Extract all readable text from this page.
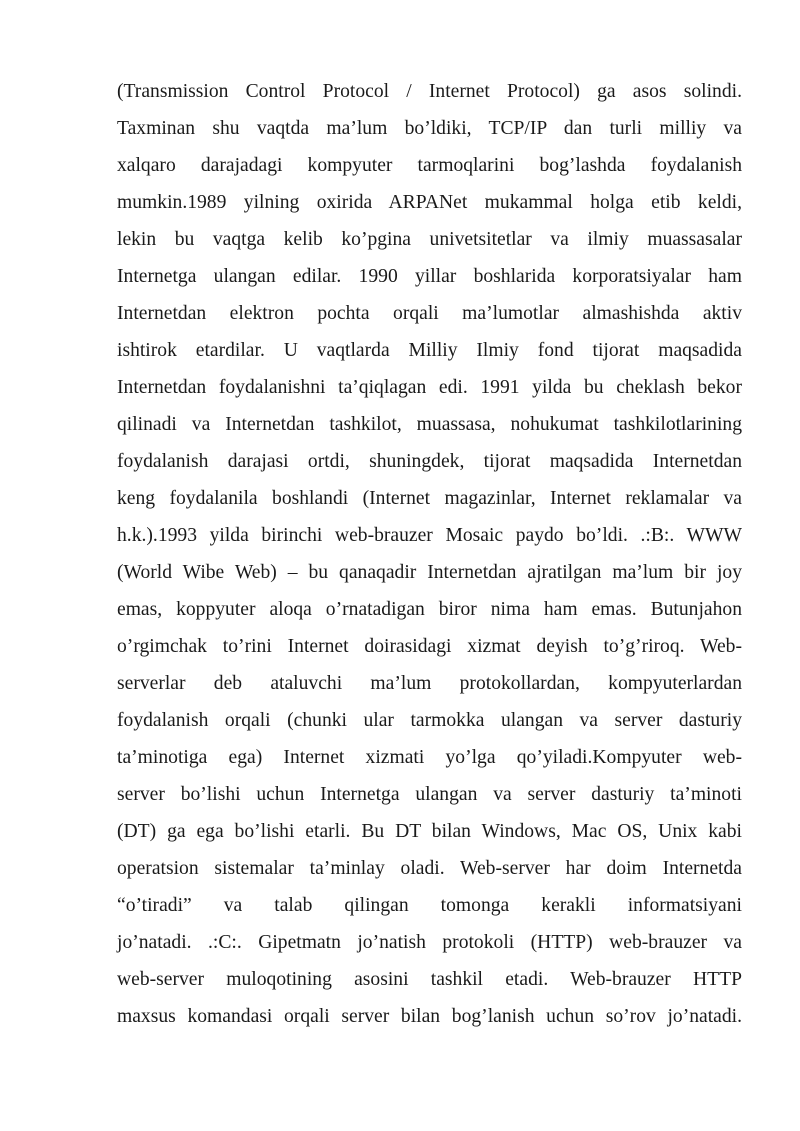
(Transmission Control Protocol / Internet Protocol) ga asos solindi.
Taxminan shu vaqtda ma’lum bo’ldiki, TCP/IP dan turli milliy va
xalqaro darajadagi kompyuter tarmoqlarini bog’lashda foydalanish
mumkin.1989 yilning oxirida ARPANet mukammal holga etib keldi,
lekin bu vaqtga kelib ko’pgina univetsitetlar va ilmiy muassasalar
Internetga ulangan edilar. 1990 yillar boshlarida korporatsiyalar ham
Internetdan elektron pochta orqali ma’lumotlar almashishda aktiv
ishtirok etardilar. U vaqtlarda Milliy Ilmiy fond tijorat maqsadida
Internetdan foydalanishni ta’qiqlagan edi. 1991 yilda bu cheklash bekor
qilinadi va Internetdan tashkilot, muassasa, nohukumat tashkilotlarining
foydalanish darajasi ortdi, shuningdek, tijorat maqsadida Internetdan
keng foydalanila boshlandi (Internet magazinlar, Internet reklamalar va
h.k.).1993 yilda birinchi web-brauzer Mosaic paydo bo’ldi. .:B:. WWW
(World Wibe Web) – bu qanaqadir Internetdan ajratilgan ma’lum bir joy
emas, koppyuter aloqa o’rnatadigan biror nima ham emas. Butunjahon
o’rgimchak to’rini Internet doirasidagi xizmat deyish to’g’riroq. Web-
serverlar deb ataluvchi ma’lum protokollardan, kompyuterlardan
foydalanish orqali (chunki ular tarmokka ulangan va server dasturiy
ta’minotiga ega) Internet xizmati yo’lga qo’yiladi.Kompyuter web-
server bo’lishi uchun Internetga ulangan va server dasturiy ta’minoti
(DT) ga ega bo’lishi etarli. Bu DT bilan Windows, Mac OS, Unix kabi
operatsion sistemalar ta’minlay oladi. Web-server har doim Internetda
“o’tiradi” va talab qilingan tomonga kerakli informatsiyani
jo’natadi. .:C:. Gipetmatn jo’natish protokoli (HTTP) web-brauzer va
web-server muloqotining asosini tashkil etadi. Web-brauzer HTTP
maxsus komandasi orqali server bilan bog’lanish uchun so’rov jo’natadi.
